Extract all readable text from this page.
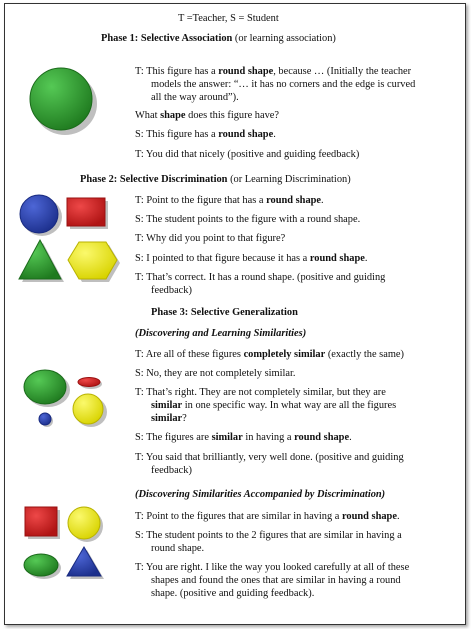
T =Teacher, S = Student
Phase 1: Selective Association (or learning association)
T: This figure has a round shape, because … (Initially the teacher
models the answer: “… it has no corners and the edge is curved
all the way around”).
What shape does this figure have?
S: This figure has a round shape.
T: You did that nicely (positive and guiding feedback)
Phase 2: Selective Discrimination (or Learning Discrimination)
T: Point to the figure that has a round shape.
S: The student points to the figure with a round shape.
T: Why did you point to that figure?
S: I pointed to that figure because it has a round shape.
T: That’s correct. It has a round shape. (positive and guiding
feedback)
Phase 3: Selective Generalization
(Discovering and Learning Similarities)
T: Are all of these figures completely similar (exactly the same)
S: No, they are not completely similar.
T: That’s right. They are not completely similar, but they are
similar in one specific way. In what way are all the figures
similar?
S: The figures are similar in having a round shape.
T: You said that brilliantly, very well done. (positive and guiding
feedback)
(Discovering Similarities Accompanied by Discrimination)
T: Point to the figures that are similar in having a round shape.
S: The student points to the 2 figures that are similar in having a
round shape.
T: You are right. I like the way you looked carefully at all of these
shapes and found the ones that are similar in having a round
shape. (positive and guiding feedback).
